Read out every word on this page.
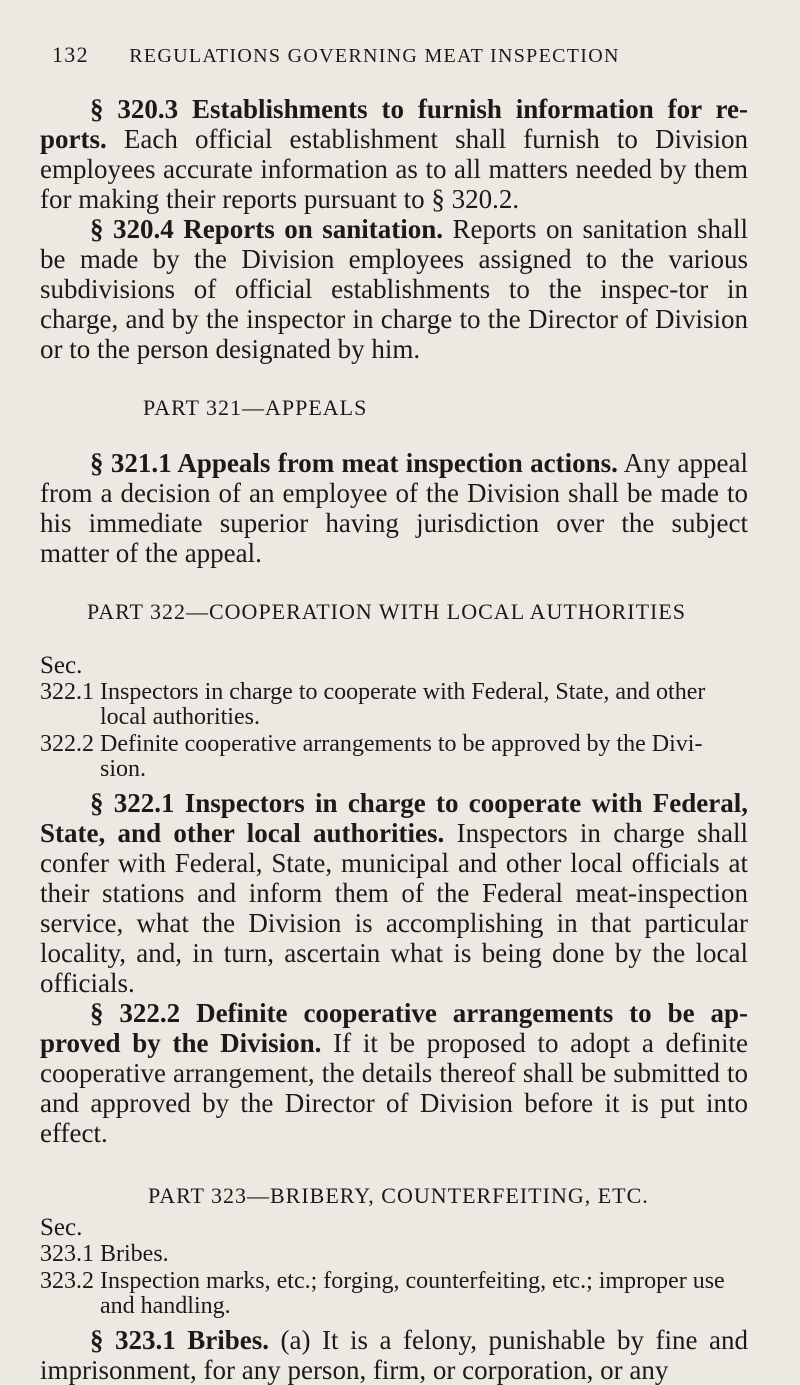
132 REGULATIONS GOVERNING MEAT INSPECTION

§ 320.3 Establishments to furnish information for re-ports. Each official establishment shall furnish to Division employees accurate information as to all matters needed by them for making their reports pursuant to § 320.2.

§ 320.4 Reports on sanitation. Reports on sanitation shall be made by the Division employees assigned to the various subdivisions of official establishments to the inspec-tor in charge, and by the inspector in charge to the Director of Division or to the person designated by him.

PART 321—APPEALS

§ 321.1 Appeals from meat inspection actions. Any appeal from a decision of an employee of the Division shall be made to his immediate superior having jurisdiction over the subject matter of the appeal.

PART 322—COOPERATION WITH LOCAL AUTHORITIES
Sec.
322.1 Inspectors in charge to cooperate with Federal, State, and other local authorities.
322.2 Definite cooperative arrangements to be approved by the Divi-sion.

§ 322.1 Inspectors in charge to cooperate with Federal, State, and other local authorities. Inspectors in charge shall confer with Federal, State, municipal and other local officials at their stations and inform them of the Federal meat-inspection service, what the Division is accomplishing in that particular locality, and, in turn, ascertain what is being done by the local officials.

§ 322.2 Definite cooperative arrangements to be ap-proved by the Division. If it be proposed to adopt a definite cooperative arrangement, the details thereof shall be submitted to and approved by the Director of Division before it is put into effect.

PART 323—BRIBERY, COUNTERFEITING, ETC.
Sec.
323.1 Bribes.
323.2 Inspection marks, etc.; forging, counterfeiting, etc.; improper use and handling.

§ 323.1 Bribes. (a) It is a felony, punishable by fine and imprisonment, for any person, firm, or corporation, or any
